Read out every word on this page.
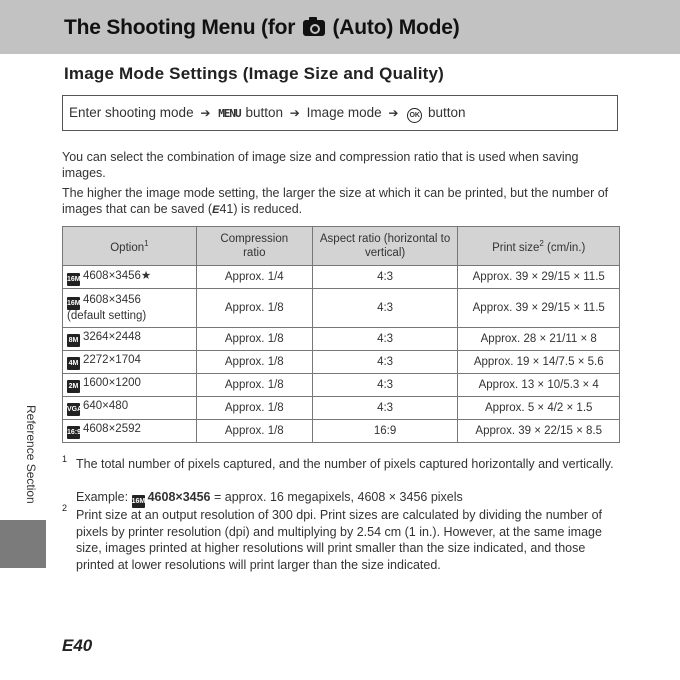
The Shooting Menu (for (Auto) Mode)
Image Mode Settings (Image Size and Quality)
Enter shooting mode ➔ MENU button ➔ Image mode ➔ OK button
You can select the combination of image size and compression ratio that is used when saving images.
The higher the image mode setting, the larger the size at which it can be printed, but the number of images that can be saved (E41) is reduced.
Option$^1$	Compression ratio	Aspect ratio (horizontal to vertical)	Print size$^2$ (cm/in.)
16M*4608×3456★	Approx. 1/4	4:3	Approx. 39 × 29/15 × 11.5
16M 4608×3456
(default setting)	Approx. 1/8	4:3	Approx. 39 × 29/15 × 11.5
8M 3264×2448	Approx. 1/8	4:3	Approx. 28 × 21/11 × 8
4M 2272×1704	Approx. 1/8	4:3	Approx. 19 × 14/7.5 × 5.6
2M 1600×1200	Approx. 1/8	4:3	Approx. 13 × 10/5.3 × 4
VGA640×480	Approx. 1/8	4:3	Approx. 5 × 4/2 × 1.5
16:9 4608×2592	Approx. 1/8	16:9	Approx. 39 × 22/15 × 8.5
1 The total number of pixels captured, and the number of pixels captured horizontally and vertically.
Example: 16M 4608×3456 = approx. 16 megapixels, 4608 × 3456 pixels
2 Print size at an output resolution of 300 dpi. Print sizes are calculated by dividing the number of pixels by printer resolution (dpi) and multiplying by 2.54 cm (1 in.). However, at the same image size, images printed at higher resolutions will print smaller than the size indicated, and those printed at lower resolutions will print larger than the size indicated.
Reference Section
E40
